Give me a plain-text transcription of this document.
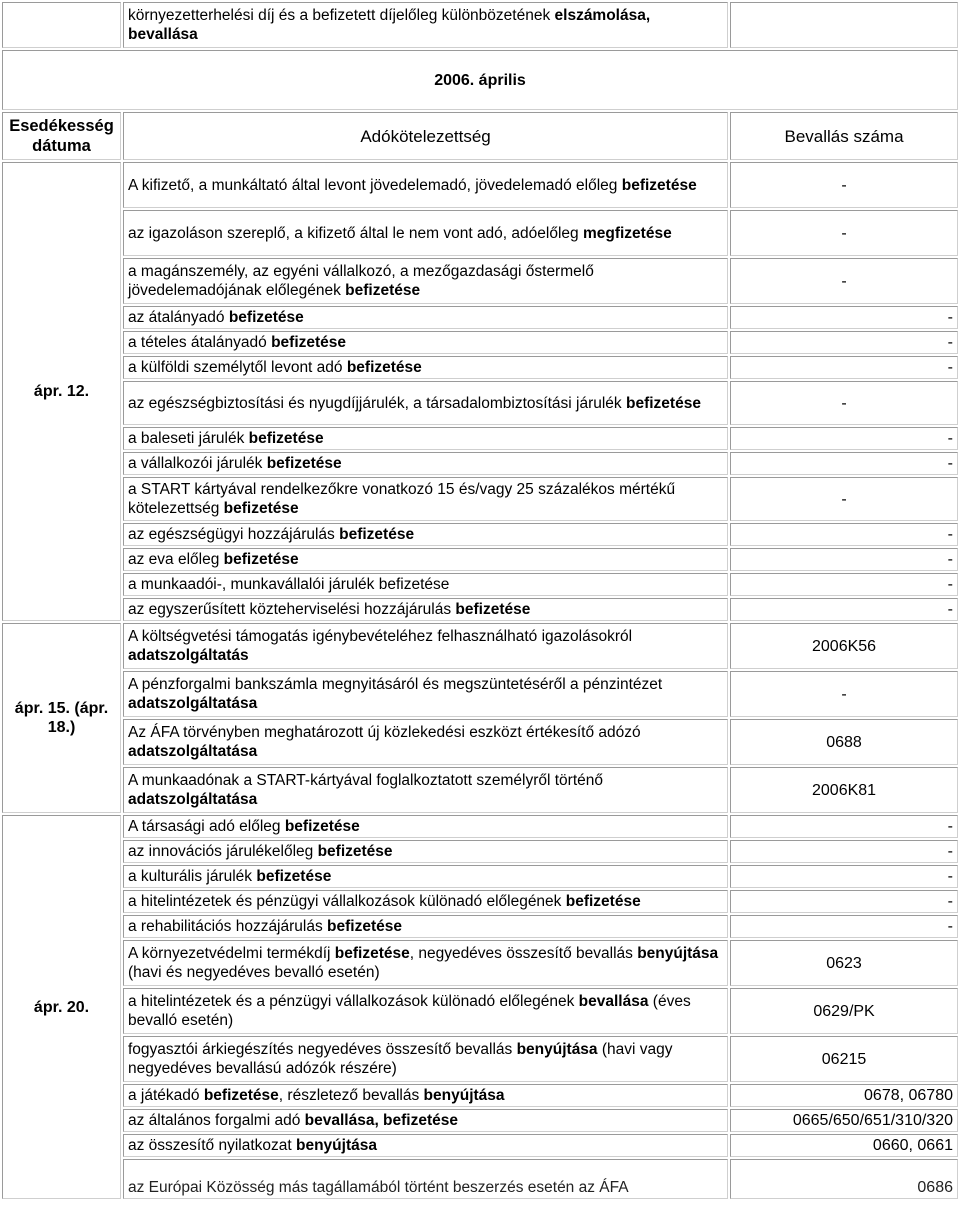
	környezetterhelési díj és a befizetett díjelőleg különbözetének elszámolása, bevallása	
2006. április		
Esedékesség dátuma	Adókötelezettség	Bevallás száma
ápr. 12.	A kifizető, a munkáltató által levont jövedelemadó, jövedelemadó előleg befizetése	-
	az igazoláson szereplő, a kifizető által le nem vont adó, adóelőleg megfizetése	-
	a magánszemély, az egyéni vállalkozó, a mezőgazdasági őstermelő jövedelemadójának előlegének befizetése	-
	az átalányadó befizetése	-
	a tételes átalányadó befizetése	-
	a külföldi személytől levont adó befizetése	-
	az egészségbiztosítási és nyugdíjjárulék, a társadalombiztosítási járulék befizetése	-
	a baleseti járulék befizetése	-
	a vállalkozói járulék befizetése	-
	a START kártyával rendelkezőkre vonatkozó 15 és/vagy 25 százalékos mértékű kötelezettség befizetése	-
	az egészségügyi hozzájárulás befizetése	-
	az eva előleg befizetése	-
	a munkaadói-, munkavállalói járulék befizetése	-
	az egyszerűsített közteherviselési hozzájárulás befizetése	-
ápr. 15. (ápr. 18.)	A költségvetési támogatás igénybevételéhez felhasználható igazolásokról adatszolgáltatás	2006K56
	A pénzforgalmi bankszámla megnyitásáról és megszüntetéséről a pénzintézet adatszolgáltatása	-
	Az ÁFA törvényben meghatározott új közlekedési eszközt értékesítő adózó adatszolgáltatása	0688
	A munkaadónak a START-kártyával foglalkoztatott személyről történő adatszolgáltatása	2006K81
ápr. 20.	A társasági adó előleg befizetése	-
	az innovációs járulékelőleg befizetése	-
	a kulturális járulék befizetése	-
	a hitelintézetek és pénzügyi vállalkozások különadó előlegének befizetése	-
	a rehabilitációs hozzájárulás befizetése	-
	A környezetvédelmi termékdíj befizetése, negyedéves összesítő bevallás benyújtása (havi és negyedéves bevalló esetén)	0623
	a hitelintézetek és a pénzügyi vállalkozások különadó előlegének bevallása (éves bevalló esetén)	0629/PK
	fogyasztói árkiegészítés negyedéves összesítő bevallás benyújtása (havi vagy negyedéves bevallású adózók részére)	06215
	a játékadó befizetése, részletező bevallás benyújtása	0678, 06780
	az általános forgalmi adó bevallása, befizetése	0665/650/651/310/320
	az összesítő nyilatkozat benyújtása	0660, 0661
	az Európai Közösség más tagállamából történt beszerzés esetén az ÁFA	0686
